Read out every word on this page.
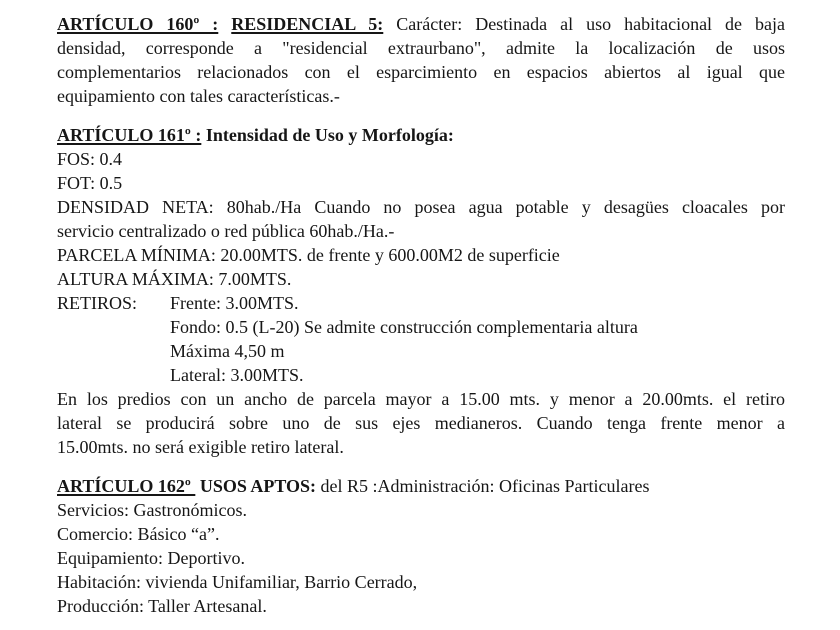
ARTÍCULO 160º : RESIDENCIAL 5: Carácter: Destinada al uso habitacional de baja
densidad, corresponde a "residencial extraurbano", admite la localización de usos
complementarios relacionados con el esparcimiento en espacios abiertos al igual que
equipamiento con tales características.-
ARTÍCULO 161º : Intensidad de Uso y Morfología:
FOS: 0.4
FOT: 0.5
DENSIDAD NETA: 80hab./Ha Cuando no posea agua potable y desagües cloacales por
servicio centralizado o red pública 60hab./Ha.-
PARCELA MÍNIMA: 20.00MTS. de frente y 600.00M2 de superficie
ALTURA MÁXIMA: 7.00MTS.
RETIROS: Frente: 3.00MTS.
Fondo: 0.5 (L-20) Se admite construcción complementaria altura
Máxima 4,50 m
Lateral: 3.00MTS.
En los predios con un ancho de parcela mayor a 15.00 mts. y menor a 20.00mts. el retiro
lateral se producirá sobre uno de sus ejes medianeros. Cuando tenga frente menor a
15.00mts. no será exigible retiro lateral.
ARTÍCULO 162º  USOS APTOS: del R5 :Administración: Oficinas Particulares
Servicios: Gastronómicos.
Comercio: Básico “a”.
Equipamiento: Deportivo.
Habitación: vivienda Unifamiliar, Barrio Cerrado,
Producción: Taller Artesanal.
